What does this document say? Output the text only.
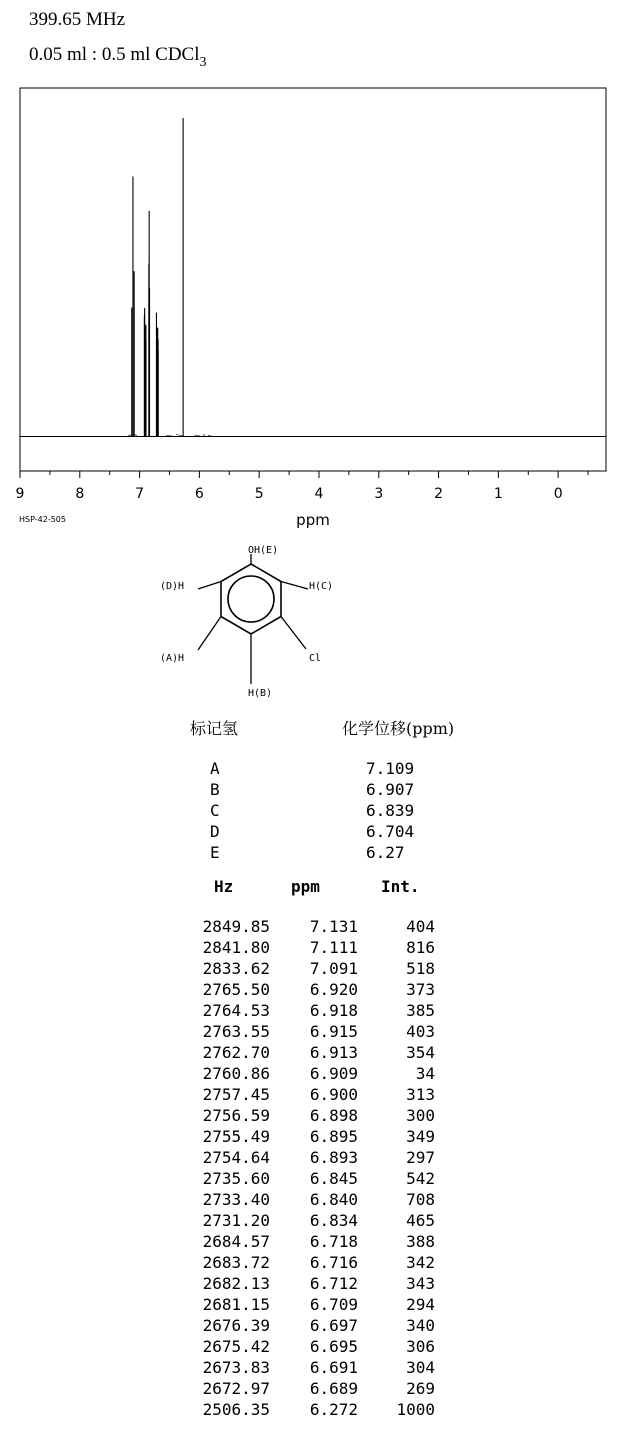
399.65 MHz
0.05 ml : 0.5 ml CDCl$_3$
9	8	7	6	5	4	3	2	1	0
ppm
HSP-42-505
OH(E)
H(C)
(D)H
(A)H	Cl
H(B)
标记氢	化学位移(ppm)
A	7.109
B	6.907
C	6.839
D	6.704
E	6.27
Hz	ppm	Int.
2849.85	7.131	404
2841.80	7.111	816
2833.62	7.091	518
2765.50	6.920	373
2764.53	6.918	385
2763.55	6.915	403
2762.70	6.913	354
2760.86	6.909	34
2757.45	6.900	313
2756.59	6.898	300
2755.49	6.895	349
2754.64	6.893	297
2735.60	6.845	542
2733.40	6.840	708
2731.20	6.834	465
2684.57	6.718	388
2683.72	6.716	342
2682.13	6.712	343
2681.15	6.709	294
2676.39	6.697	340
2675.42	6.695	306
2673.83	6.691	304
2672.97	6.689	269
2506.35	6.272	1000
